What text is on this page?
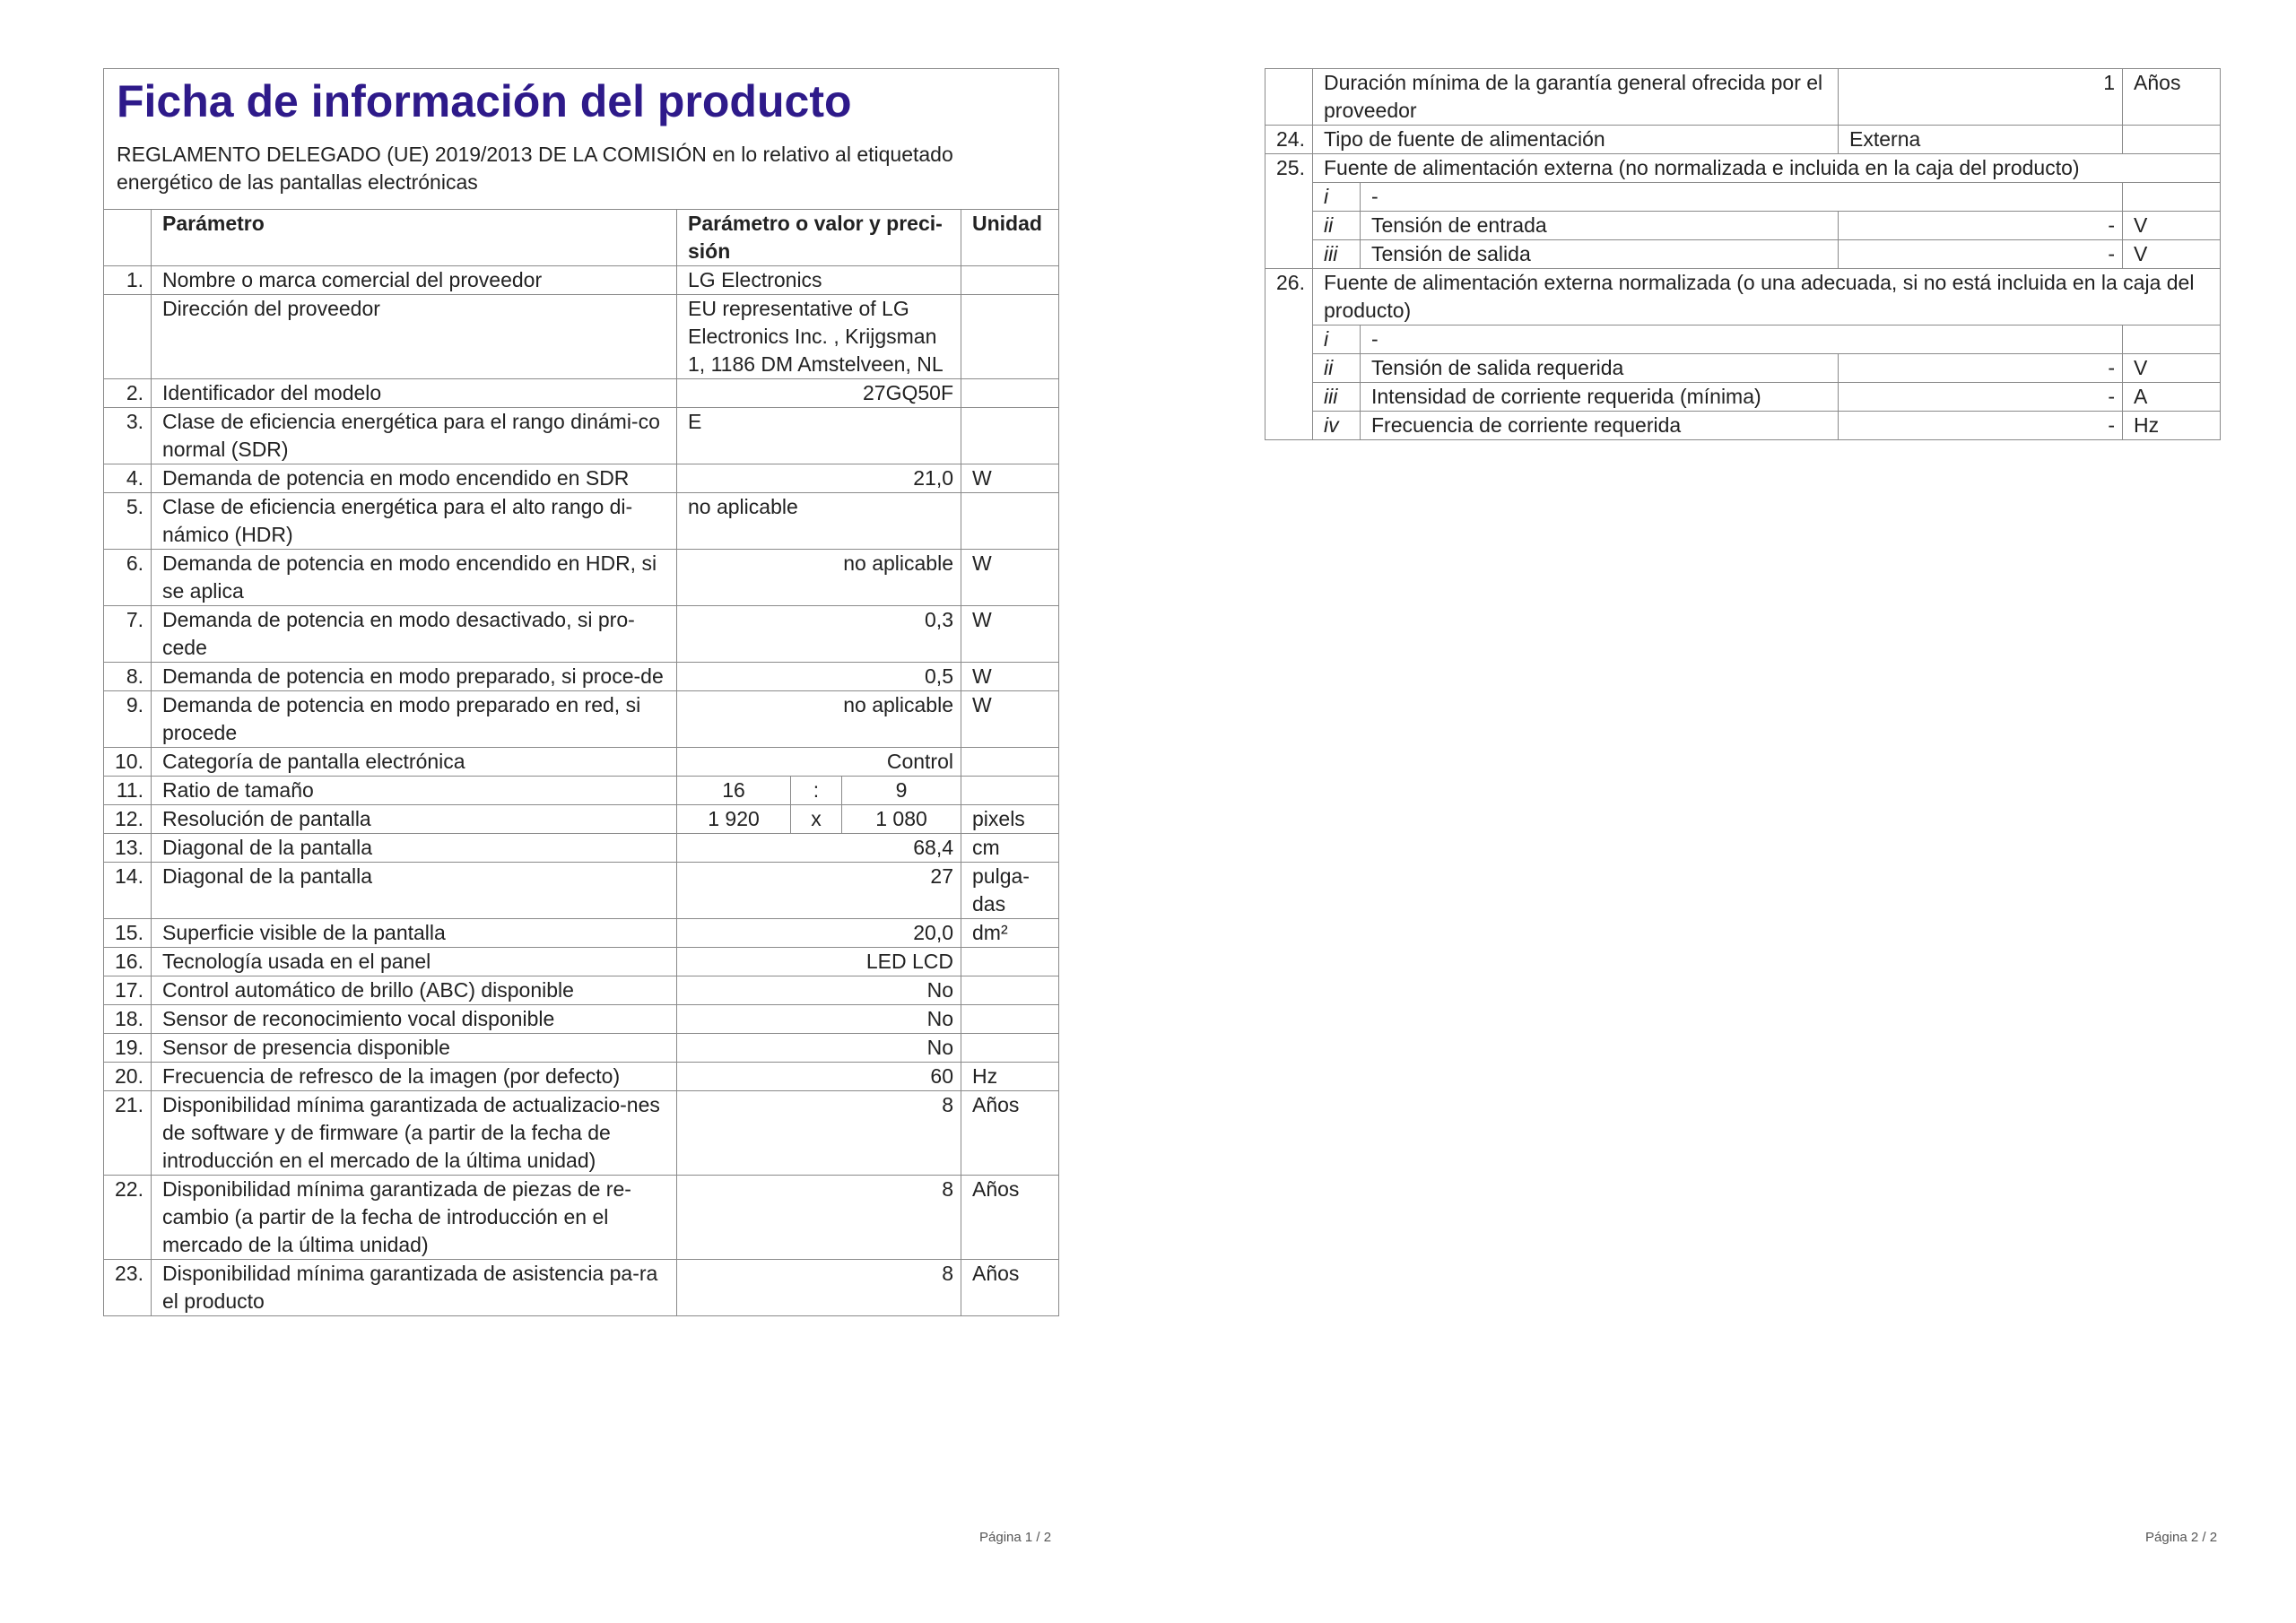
Ficha de información del producto
REGLAMENTO DELEGADO (UE) 2019/2013 DE LA COMISIÓN en lo relativo al etiquetado energético de las pantallas electrónicas					

	Parámetro	Parámetro o valor y preci-sión			Unidad
1.	Nombre o marca comercial del proveedor	LG Electronics			
	Dirección del proveedor	EU representative of LG Electronics Inc. , Krijgsman 1, 1186 DM Amstelveen, NL			
2.	Identificador del modelo	27GQ50F			
3.	Clase de eficiencia energética para el rango dinámi-co normal (SDR)	E			
4.	Demanda de potencia en modo encendido en SDR	21,0			W
5.	Clase de eficiencia energética para el alto rango di-námico (HDR)	no aplicable			
6.	Demanda de potencia en modo encendido en HDR, si se aplica	no aplicable			W
7.	Demanda de potencia en modo desactivado, si pro-cede	0,3			W
8.	Demanda de potencia en modo preparado, si proce-de	0,5			W
9.	Demanda de potencia en modo preparado en red, si procede	no aplicable			W
10.	Categoría de pantalla electrónica	Control			
11.	Ratio de tamaño	16	:	9	
12.	Resolución de pantalla	1 920	x	1 080	pixels
13.	Diagonal de la pantalla	68,4			cm
14.	Diagonal de la pantalla	27			pulga-das
15.	Superficie visible de la pantalla	20,0			dm²
16.	Tecnología usada en el panel	LED LCD			
17.	Control automático de brillo (ABC) disponible	No			
18.	Sensor de reconocimiento vocal disponible	No			
19.	Sensor de presencia disponible	No			
20.	Frecuencia de refresco de la imagen (por defecto)	60			Hz
21.	Disponibilidad mínima garantizada de actualizacio-nes de software y de firmware (a partir de la fecha de introducción en el mercado de la última unidad)	8			Años
22.	Disponibilidad mínima garantizada de piezas de re-cambio (a partir de la fecha de introducción en el mercado de la última unidad)	8			Años
23.	Disponibilidad mínima garantizada de asistencia pa-ra el producto	8			Años
Página 1 / 2
	Duración mínima de la garantía general ofrecida por el proveedor		1	Años
24.	Tipo de fuente de alimentación		Externa	
25.	Fuente de alimentación externa (no normalizada e incluida en la caja del producto)			
	i	-		
	ii	Tensión de entrada	-	V
	iii	Tensión de salida	-	V
26.	Fuente de alimentación externa normalizada (o una adecuada, si no está incluida en la caja del producto)			
	i	-		
	ii	Tensión de salida requerida	-	V
	iii	Intensidad de corriente requerida (mínima)	-	A
	iv	Frecuencia de corriente requerida	-	Hz
Página 2 / 2
